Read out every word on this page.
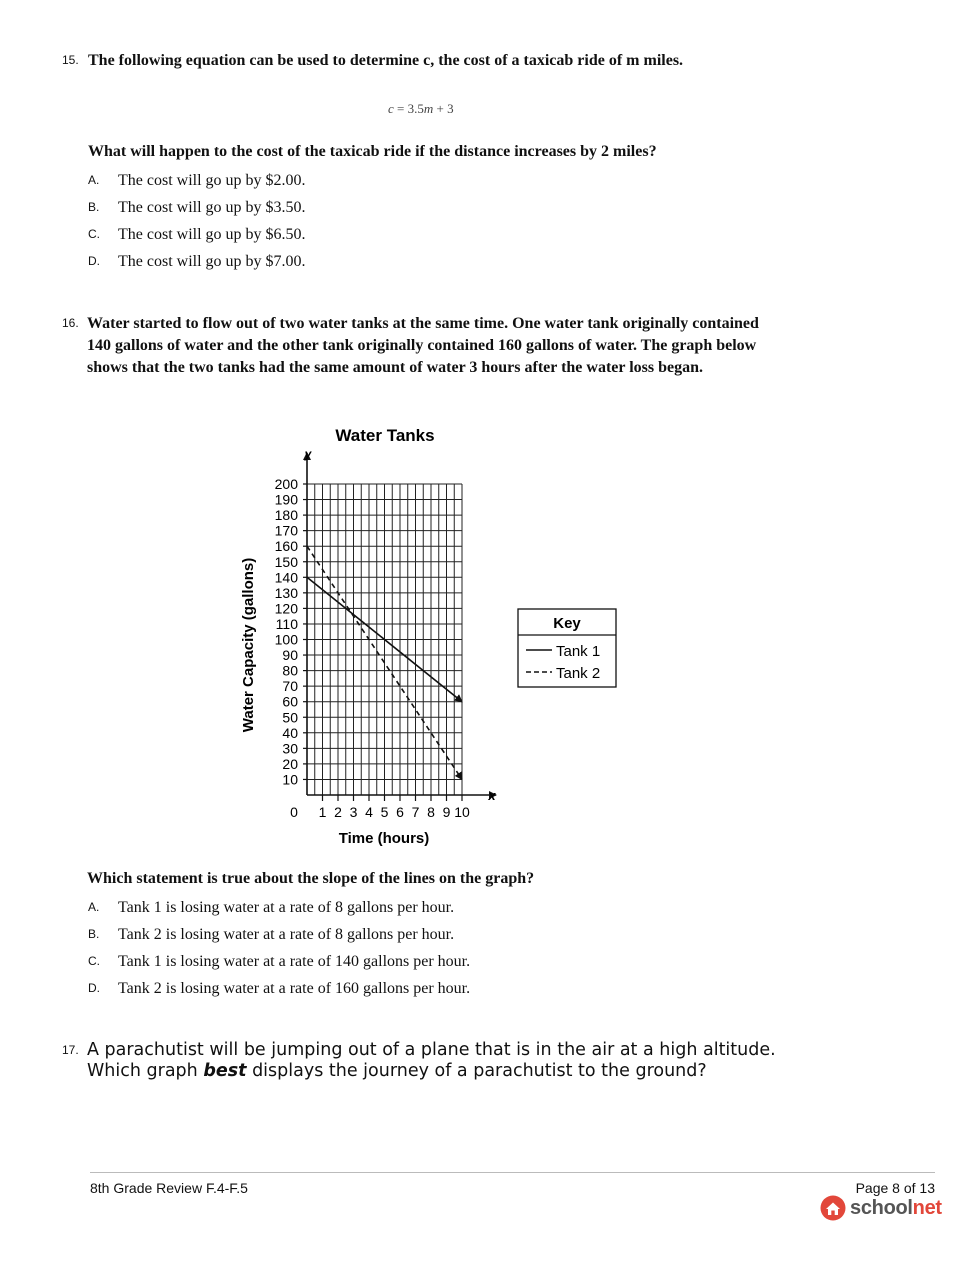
15. The following equation can be used to determine c, the cost of a taxicab ride of m miles.
c = 3.5m + 3
What will happen to the cost of the taxicab ride if the distance increases by 2 miles?
A. The cost will go up by $2.00.
B. The cost will go up by $3.50.
C. The cost will go up by $6.50.
D. The cost will go up by $7.00.
16. Water started to flow out of two water tanks at the same time. One water tank originally contained 140 gallons of water and the other tank originally contained 160 gallons of water. The graph below shows that the two tanks had the same amount of water 3 hours after the water loss began.
Water Tanks
10
20
30
40
50
60
70
80
90
100
110
120
130
140
150
160
170
180
190
200
1 2 3 4 5 6 7 8 9 10
y
x
0
Time (hours)
Water Capacity (gallons)	Key
Tank 1
Tank 2
Which statement is true about the slope of the lines on the graph?
A. Tank 1 is losing water at a rate of 8 gallons per hour.
B. Tank 2 is losing water at a rate of 8 gallons per hour.
C. Tank 1 is losing water at a rate of 140 gallons per hour.
D. Tank 2 is losing water at a rate of 160 gallons per hour.
17. A parachutist will be jumping out of a plane that is in the air at a high altitude. Which graph best displays the journey of a parachutist to the ground?
8th Grade Review F.4-F.5	Page 8 of 13
schoolnet
